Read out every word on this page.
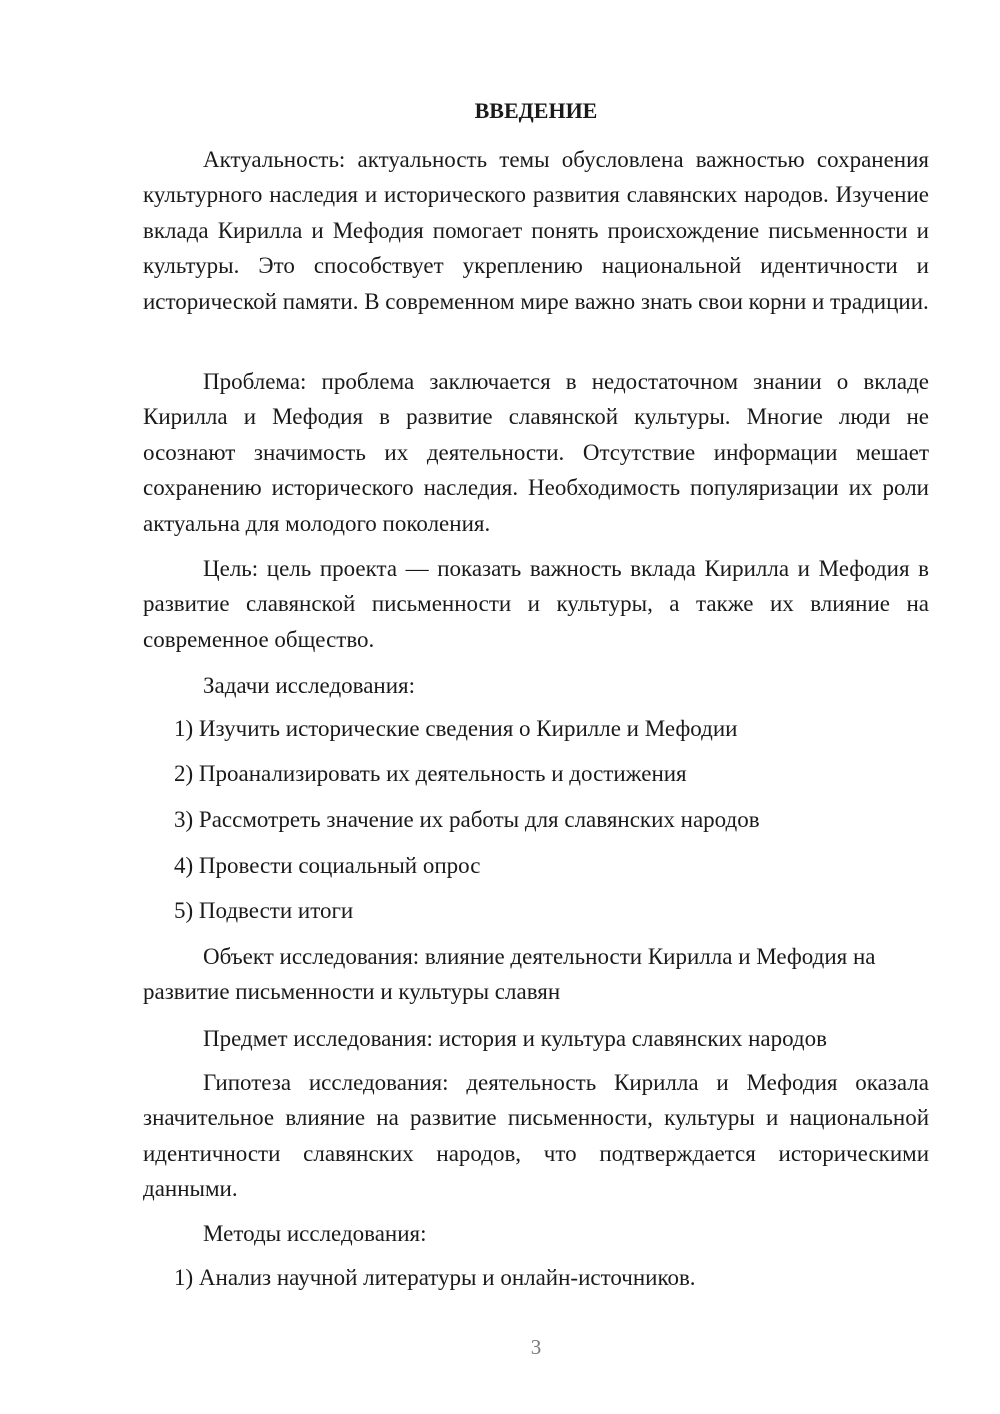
ВВЕДЕНИЕ

Актуальность: актуальность темы обусловлена важностью сохранения культурного наследия и исторического развития славянских народов. Изучение вклада Кирилла и Мефодия помогает понять происхождение письменности и культуры. Это способствует укреплению национальной идентичности и исторической памяти. В современном мире важно знать свои корни и традиции.

Проблема: проблема заключается в недостаточном знании о вкладе Кирилла и Мефодия в развитие славянской культуры. Многие люди не осознают значимость их деятельности. Отсутствие информации мешает сохранению исторического наследия. Необходимость популяризации их роли актуальна для молодого поколения.

Цель: цель проекта — показать важность вклада Кирилла и Мефодия в развитие славянской письменности и культуры, а также их влияние на современное общество.

Задачи исследования:

1) Изучить исторические сведения о Кирилле и Мефодии
2) Проанализировать их деятельность и достижения
3) Рассмотреть значение их работы для славянских народов
4) Провести социальный опрос
5) Подвести итоги

Объект исследования: влияние деятельности Кирилла и Мефодия на развитие письменности и культуры славян

Предмет исследования: история и культура славянских народов

Гипотеза исследования: деятельность Кирилла и Мефодия оказала значительное влияние на развитие письменности, культуры и национальной идентичности славянских народов, что подтверждается историческими данными.

Методы исследования:

1) Анализ научной литературы и онлайн-источников.
3
